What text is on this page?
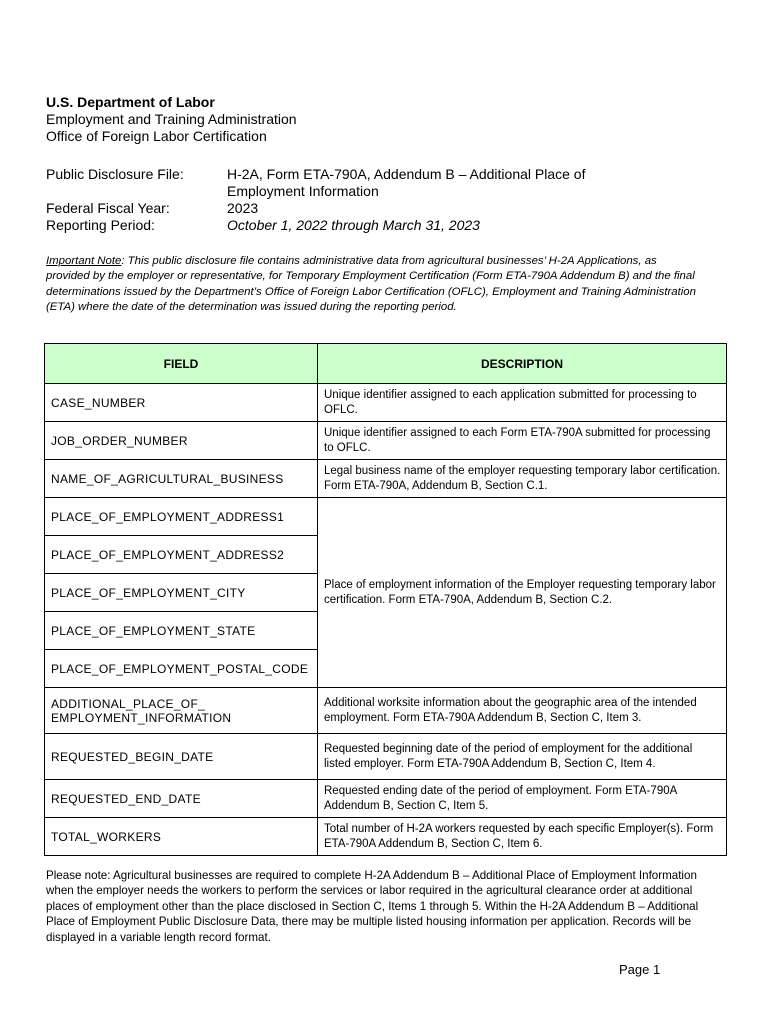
U.S. Department of Labor
Employment and Training Administration
Office of Foreign Labor Certification
Public Disclosure File:	H-2A, Form ETA-790A, Addendum B – Additional Place of
Employment Information
Federal Fiscal Year:	2023
Reporting Period:	October 1, 2022 through March 31, 2023
Important Note: This public disclosure file contains administrative data from agricultural businesses’ H-2A Applications, as provided by the employer or representative, for Temporary Employment Certification (Form ETA-790A Addendum B) and the final determinations issued by the Department’s Office of Foreign Labor Certification (OFLC), Employment and Training Administration (ETA) where the date of the determination was issued during the reporting period.
FIELD	DESCRIPTION
CASE_NUMBER	Unique identifier assigned to each application submitted for processing to OFLC.
JOB_ORDER_NUMBER	Unique identifier assigned to each Form ETA-790A submitted for processing to OFLC.
NAME_OF_AGRICULTURAL_BUSINESS	Legal business name of the employer requesting temporary labor certification. Form ETA-790A, Addendum B, Section C.1.
PLACE_OF_EMPLOYMENT_ADDRESS1	Place of employment information of the Employer requesting temporary labor certification. Form ETA-790A, Addendum B, Section C.2.
PLACE_OF_EMPLOYMENT_ADDRESS2	
PLACE_OF_EMPLOYMENT_CITY	
PLACE_OF_EMPLOYMENT_STATE	
PLACE_OF_EMPLOYMENT_POSTAL_CODE	

ADDITIONAL_PLACE_OF_
EMPLOYMENT_INFORMATION	Additional worksite information about the geographic area of the intended employment. Form ETA-790A Addendum B, Section C, Item 3.
REQUESTED_BEGIN_DATE	Requested beginning date of the period of employment for the additional listed employer. Form ETA-790A Addendum B, Section C, Item 4.
REQUESTED_END_DATE	Requested ending date of the period of employment. Form ETA-790A Addendum B, Section C, Item 5.
TOTAL_WORKERS	Total number of H-2A workers requested by each specific Employer(s). Form ETA-790A Addendum B, Section C, Item 6.
Please note: Agricultural businesses are required to complete H-2A Addendum B – Additional Place of Employment Information when the employer needs the workers to perform the services or labor required in the agricultural clearance order at additional places of employment other than the place disclosed in Section C, Items 1 through 5. Within the H-2A Addendum B – Additional Place of Employment Public Disclosure Data, there may be multiple listed housing information per application. Records will be displayed in a variable length record format.
Page 1
